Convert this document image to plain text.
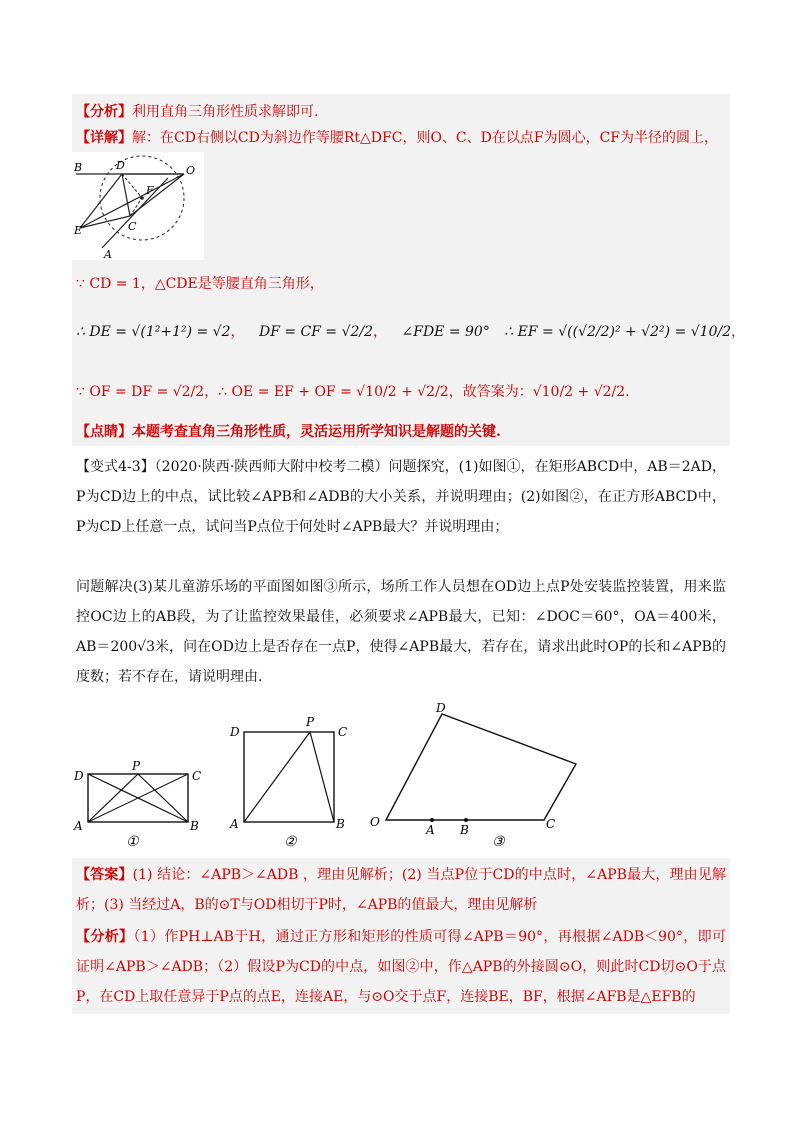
【分析】利用直角三角形性质求解即可.
【详解】解：在CD右侧以CD为斜边作等腰Rt△DFC，则O、C、D在以点F为圆心，CF为半径的圆上，
B	D	O
F
E	C
A
∵ CD = 1，△CDE是等腰直角三角形，
∴ DE = √(1²+1²) = √2， DF = CF = √2/2， ∠FDE = 90° ∴ EF = √((√2/2)² + √2²) = √10/2，
∵ OF = DF = √2/2，∴ OE = EF + OF = √10/2 + √2/2，故答案为：√10/2 + √2/2.
【点睛】本题考查直角三角形性质，灵活运用所学知识是解题的关键.
【变式4-3】（2020·陕西·陕西师大附中校考二模）问题探究，(1)如图①，在矩形ABCD中，AB＝2AD，P为CD边上的中点，试比较∠APB和∠ADB的大小关系，并说明理由；(2)如图②，在正方形ABCD中，P为CD上任意一点，试问当P点位于何处时∠APB最大？并说明理由；
问题解决(3)某儿童游乐场的平面图如图③所示，场所工作人员想在OD边上点P处安装监控装置，用来监控OC边上的AB段，为了让监控效果最佳，必须要求∠APB最大，已知：∠DOC＝60°，OA＝400米，AB＝200√3米，问在OD边上是否存在一点P，使得∠APB最大，若存在，请求出此时OP的长和∠APB的度数；若不存在，请说明理由.
D
P
C
A	B
①
D
P
C
A	B
②
O
D
C
A B
③
【答案】(1) 结论：∠APB＞∠ADB ，理由见解析；(2) 当点P位于CD的中点时，∠APB最大，理由见解析；(3) 当经过A，B的⊙T与OD相切于P时，∠APB的值最大，理由见解析
【分析】（1）作PH⊥AB于H，通过正方形和矩形的性质可得∠APB＝90°，再根据∠ADB＜90°，即可证明∠APB＞∠ADB；（2）假设P为CD的中点，如图②中，作△APB的外接圆⊙O，则此时CD切⊙O于点P，在CD上取任意异于P点的点E，连接AE，与⊙O交于点F，连接BE，BF，根据∠AFB是△EFB的
